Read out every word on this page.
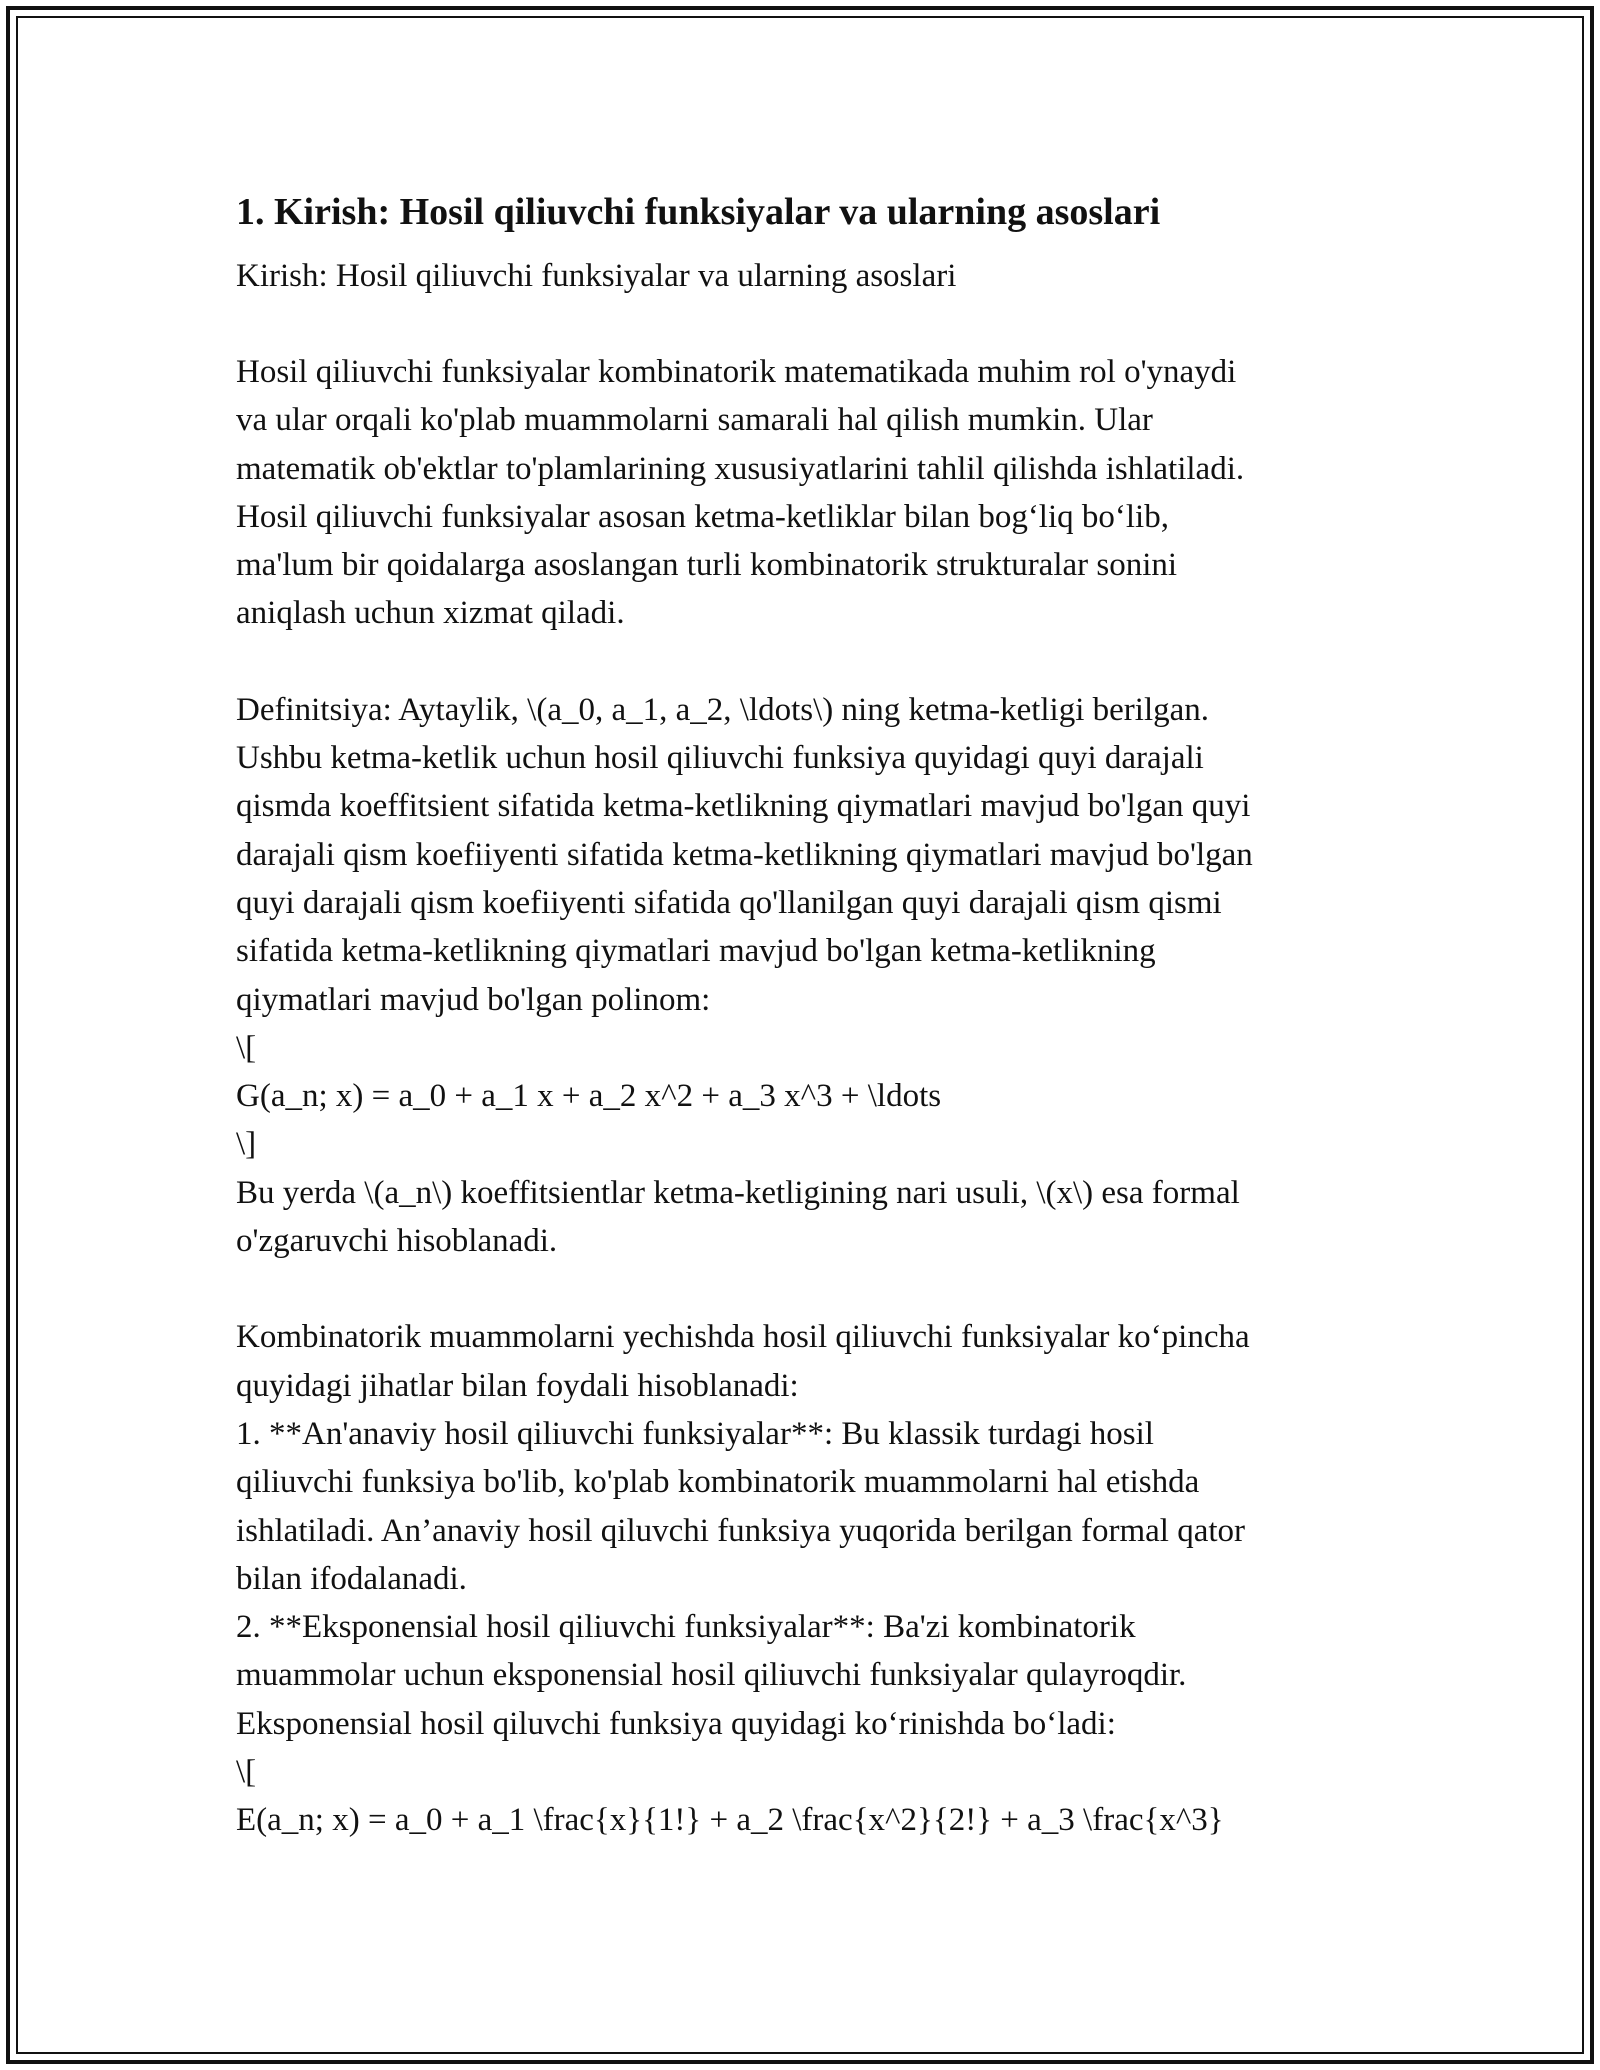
1. Kirish: Hosil qiliuvchi funksiyalar va ularning asoslari

Kirish: Hosil qiliuvchi funksiyalar va ularning asoslari

Hosil qiliuvchi funksiyalar kombinatorik matematikada muhim rol o'ynaydi
va ular orqali ko'plab muammolarni samarali hal qilish mumkin. Ular
matematik ob'ektlar to'plamlarining xususiyatlarini tahlil qilishda ishlatiladi.
Hosil qiliuvchi funksiyalar asosan ketma-ketliklar bilan bog‘liq bo‘lib,
ma'lum bir qoidalarga asoslangan turli kombinatorik strukturalar sonini
aniqlash uchun xizmat qiladi.

Definitsiya: Aytaylik, \(a_0, a_1, a_2, \ldots\) ning ketma-ketligi berilgan.
Ushbu ketma-ketlik uchun hosil qiliuvchi funksiya quyidagi quyi darajali
qismda koeffitsient sifatida ketma-ketlikning qiymatlari mavjud bo'lgan quyi
darajali qism koefiiyenti sifatida ketma-ketlikning qiymatlari mavjud bo'lgan
quyi darajali qism koefiiyenti sifatida qo'llanilgan quyi darajali qism qismi
sifatida ketma-ketlikning qiymatlari mavjud bo'lgan ketma-ketlikning
qiymatlari mavjud bo'lgan polinom:
\[
G(a_n; x) = a_0 + a_1 x + a_2 x^2 + a_3 x^3 + \ldots
\]
Bu yerda \(a_n\) koeffitsientlar ketma-ketligining nari usuli, \(x\) esa formal
o'zgaruvchi hisoblanadi.

Kombinatorik muammolarni yechishda hosil qiliuvchi funksiyalar ko‘pincha
quyidagi jihatlar bilan foydali hisoblanadi:
1. **An'anaviy hosil qiliuvchi funksiyalar**: Bu klassik turdagi hosil
qiliuvchi funksiya bo'lib, ko'plab kombinatorik muammolarni hal etishda
ishlatiladi. An’anaviy hosil qiluvchi funksiya yuqorida berilgan formal qator
bilan ifodalanadi.
2. **Eksponensial hosil qiliuvchi funksiyalar**: Ba'zi kombinatorik
muammolar uchun eksponensial hosil qiliuvchi funksiyalar qulayroqdir.
Eksponensial hosil qiluvchi funksiya quyidagi ko‘rinishda bo‘ladi:
\[
E(a_n; x) = a_0 + a_1 \frac{x}{1!} + a_2 \frac{x^2}{2!} + a_3 \frac{x^3}
